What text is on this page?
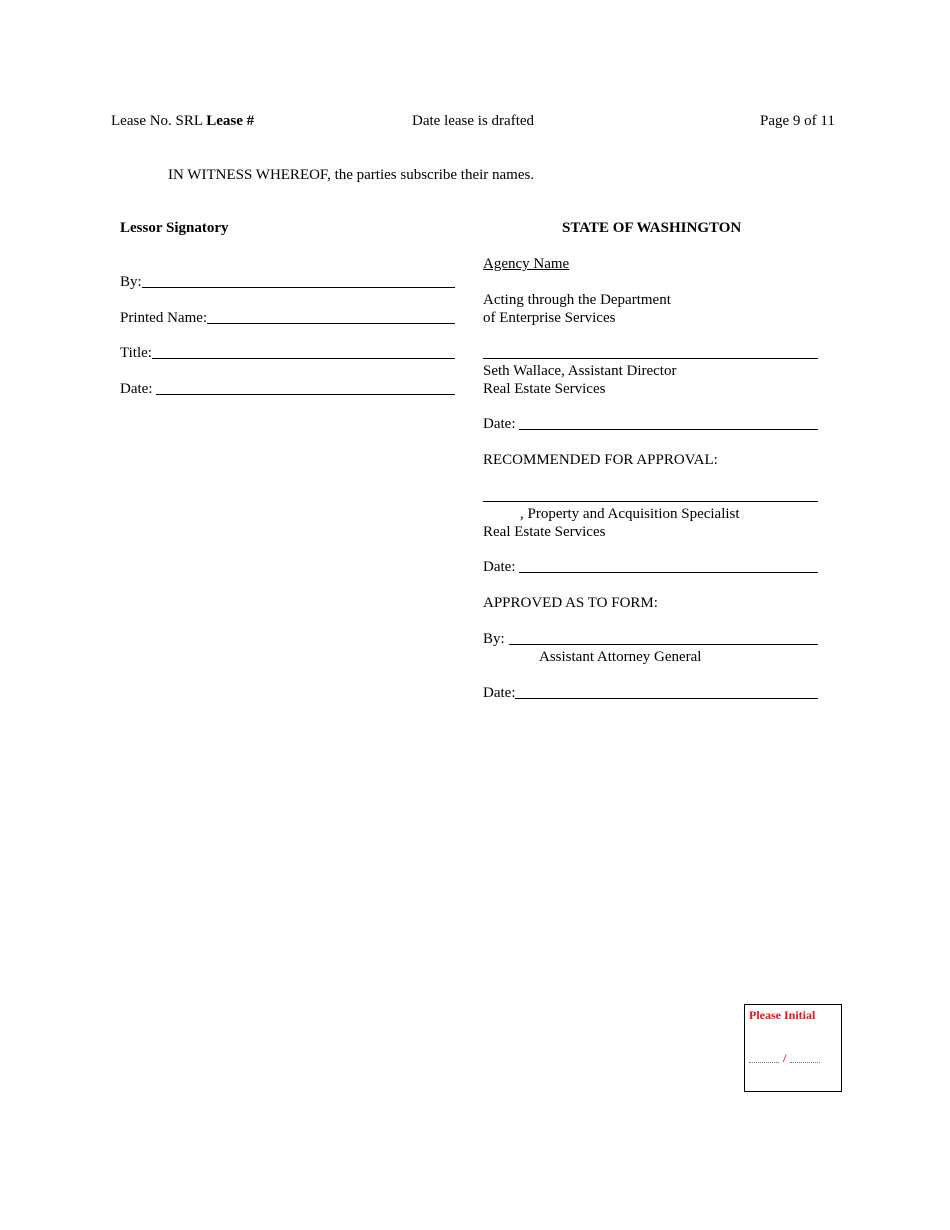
Lease No. SRL Lease #	Date lease is drafted	Page 9 of 11
IN WITNESS WHEREOF, the parties subscribe their names.
Lessor Signatory
By:
Printed Name:
Title:
Date:
STATE OF WASHINGTON
Agency Name
Acting through the Department
of Enterprise Services
Seth Wallace, Assistant Director
Real Estate Services
Date:
RECOMMENDED FOR APPROVAL:
, Property and Acquisition Specialist
Real Estate Services
Date:
APPROVED AS TO FORM:
By:
Assistant Attorney General
Date:
Please Initial
/
